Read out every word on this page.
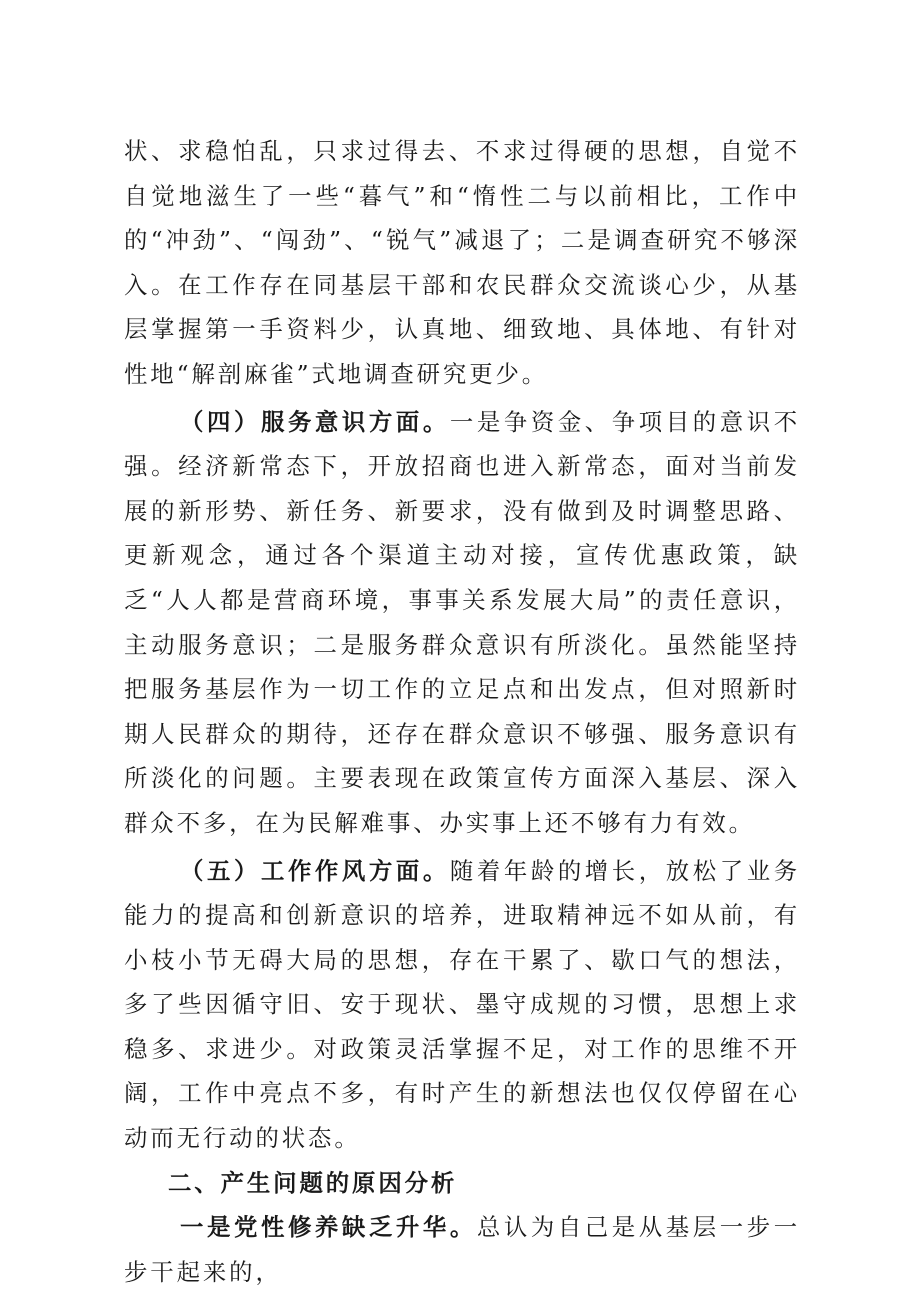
状、求稳怕乱，只求过得去、不求过得硬的思想，自觉不自觉地滋生了一些“暮气”和“惰性二与以前相比，工作中的“冲劲”、“闯劲”、“锐气”减退了；二是调查研究不够深入。在工作存在同基层干部和农民群众交流谈心少，从基层掌握第一手资料少，认真地、细致地、具体地、有针对性地“解剖麻雀”式地调查研究更少。

（四）服务意识方面。一是争资金、争项目的意识不强。经济新常态下，开放招商也进入新常态，面对当前发展的新形势、新任务、新要求，没有做到及时调整思路、更新观念，通过各个渠道主动对接，宣传优惠政策，缺乏“人人都是营商环境，事事关系发展大局”的责任意识，主动服务意识；二是服务群众意识有所淡化。虽然能坚持把服务基层作为一切工作的立足点和出发点，但对照新时期人民群众的期待，还存在群众意识不够强、服务意识有所淡化的问题。主要表现在政策宣传方面深入基层、深入群众不多，在为民解难事、办实事上还不够有力有效。

（五）工作作风方面。随着年龄的增长，放松了业务能力的提高和创新意识的培养，进取精神远不如从前，有小枝小节无碍大局的思想，存在干累了、歇口气的想法，多了些因循守旧、安于现状、墨守成规的习惯，思想上求稳多、求进少。对政策灵活掌握不足，对工作的思维不开阔，工作中亮点不多，有时产生的新想法也仅仅停留在心动而无行动的状态。

二、产生问题的原因分析

一是党性修养缺乏升华。总认为自己是从基层一步一步干起来的，
